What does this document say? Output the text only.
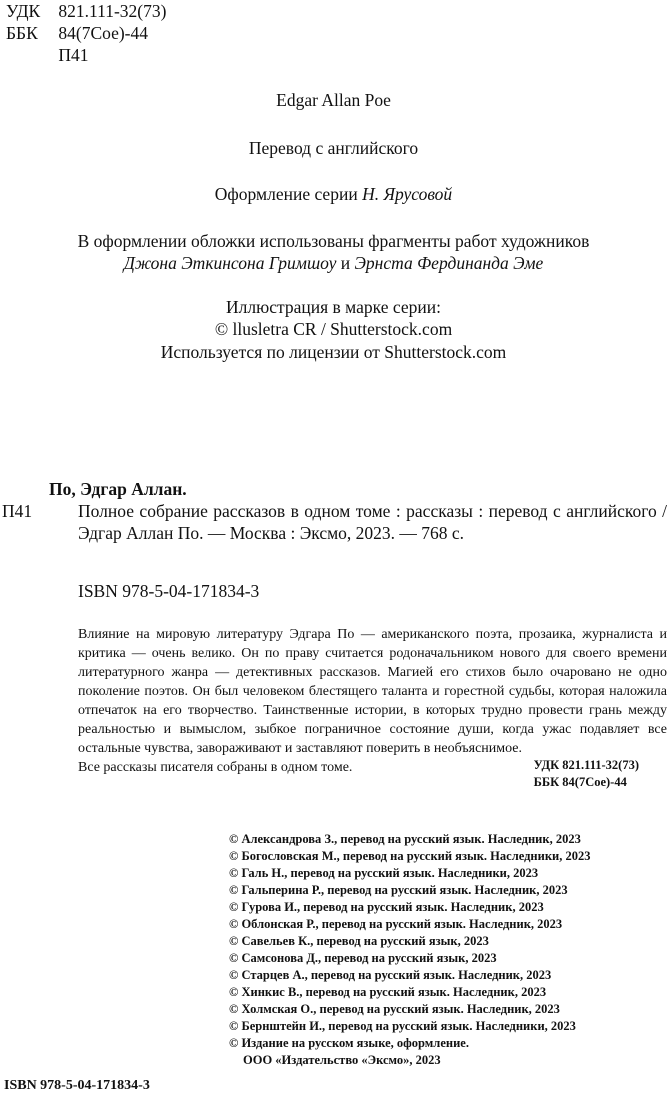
УДК 821.111-32(73)
ББК 84(7Сое)-44
П41
Edgar Allan Poe
Перевод с английского
Оформление серии Н. Ярусовой
В оформлении обложки использованы фрагменты работ художников
Джона Эткинсона Гримшоу и Эрнста Фердинанда Эме
Иллюстрация в марке серии:
© llusletra CR / Shutterstock.com
Используется по лицензии от Shutterstock.com
По, Эдгар Аллан.
П41	Полное собрание рассказов в одном томе : рассказы : перевод с английского / Эдгар Аллан По. — Москва : Эксмо, 2023. — 768 с.
ISBN 978-5-04-171834-3

Влияние на мировую литературу Эдгара По — американского поэта, прозаика, журналиста и критика — очень велико. Он по праву считается родоначальником нового для своего времени литературного жанра — детективных рассказов. Магией его стихов было очаровано не одно поколение поэтов. Он был человеком блестящего таланта и горестной судьбы, которая наложила отпечаток на его творчество. Таинственные истории, в которых трудно провести грань между реальностью и вымыслом, зыбкое пограничное состояние души, когда ужас подавляет все остальные чувства, завораживают и заставляют поверить в необъяснимое.

Все рассказы писателя собраны в одном томе.	УДК 821.111-32(73)
ББК 84(7Сое)-44
© Александрова З., перевод на русский язык. Наследник, 2023
© Богословская М., перевод на русский язык. Наследники, 2023
© Галь Н., перевод на русский язык. Наследники, 2023
© Гальперина Р., перевод на русский язык. Наследник, 2023
© Гурова И., перевод на русский язык. Наследник, 2023
© Облонская Р., перевод на русский язык. Наследник, 2023
© Савельев К., перевод на русский язык, 2023
© Самсонова Д., перевод на русский язык, 2023
© Старцев А., перевод на русский язык. Наследник, 2023
© Хинкис В., перевод на русский язык. Наследник, 2023
© Холмская О., перевод на русский язык. Наследник, 2023
© Бернштейн И., перевод на русский язык. Наследники, 2023
© Издание на русском языке, оформление.
ООО «Издательство «Эксмо», 2023
ISBN 978-5-04-171834-3
